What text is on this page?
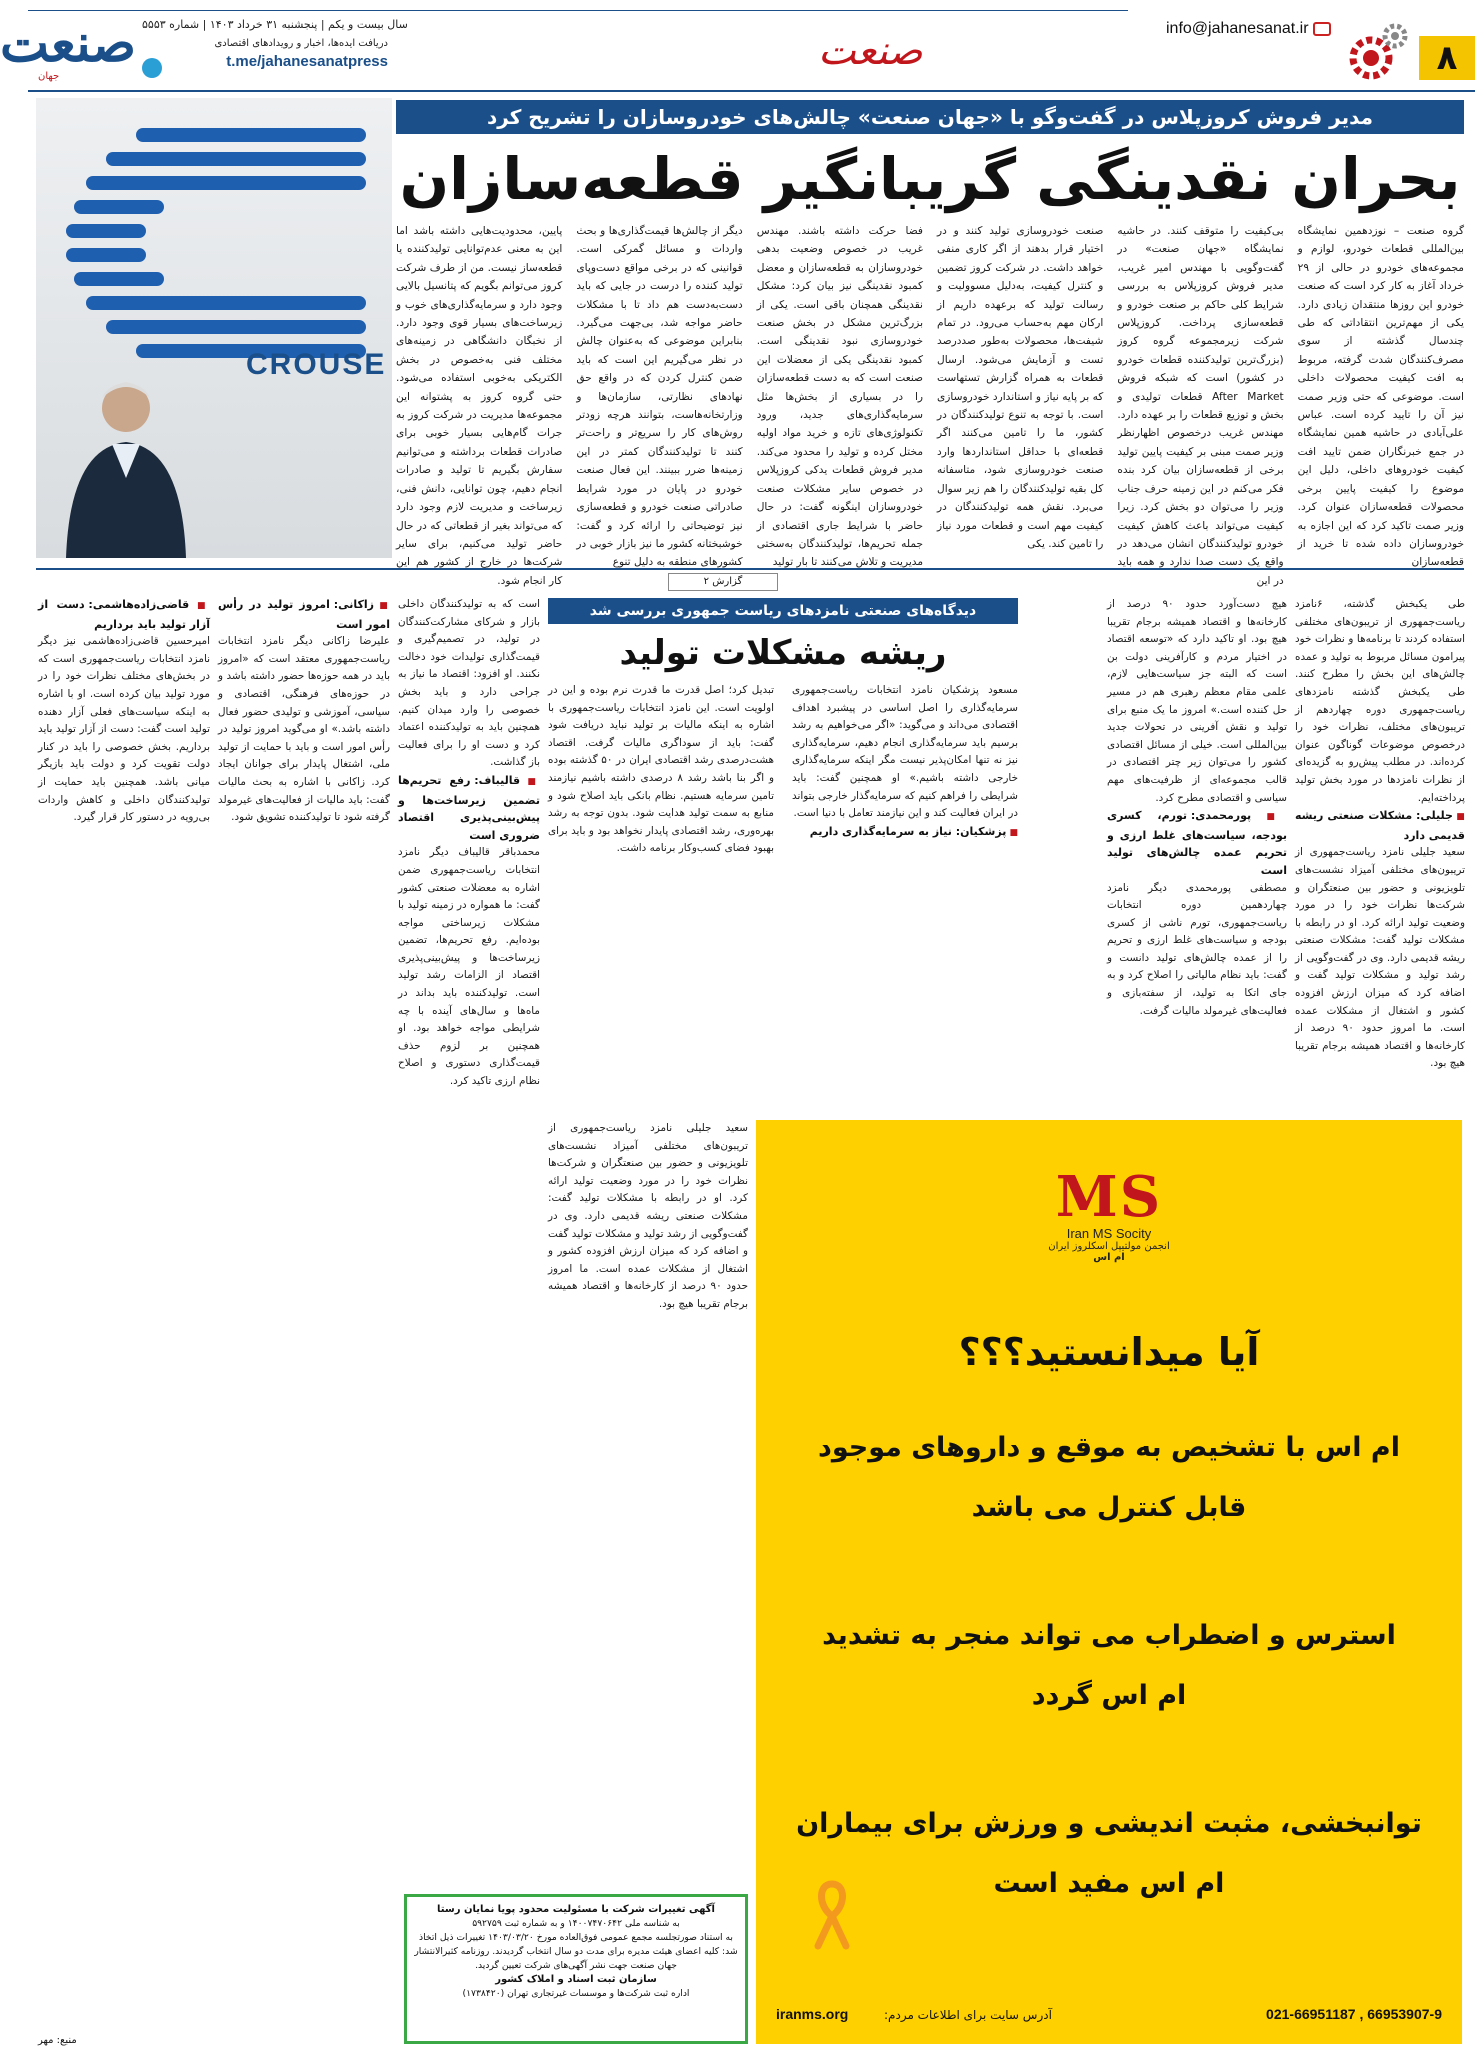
۸
info@jahanesanat.ir
صنعت
دریافت ایده‌ها، اخبار و رویدادهای اقتصادی
t.me/jahanesanatpress
سال بیست و یکم | پنجشنبه ۳۱ خرداد ۱۴۰۳ | شماره ۵۵۵۳
صنعت
جهان
مدیر فروش کروزپلاس در گفت‌وگو با «جهان صنعت» چالش‌های خودروسازان را تشریح کرد
بحران نقدینگی گریبانگیر قطعه‌سازان
CROUSE
گروه صنعت – نوزدهمین نمایشگاه بین‌المللی قطعات خودرو، لوازم و مجموعه‌های خودرو در حالی از ۲۹ خرداد آغاز به کار کرد است که صنعت خودرو این روزها منتقدان زیادی دارد. یکی از مهم‌ترین انتقاداتی که طی چندسال گذشته از سوی مصرف‌کنندگان شدت گرفته، مربوط به افت کیفیت محصولات داخلی است. موضوعی که حتی وزیر صمت نیز آن را تایید کرده است. عباس علی‌آبادی در حاشیه همین نمایشگاه در جمع خبرنگاران ضمن تایید افت کیفیت خودروهای داخلی، دلیل این موضوع را کیفیت پایین برخی محصولات قطعه‌سازان عنوان کرد. وزیر صمت تاکید کرد که این اجازه به خودروسازان داده شده تا خرید از قطعه‌سازان
بی‌کیفیت را متوقف کنند. در حاشیه نمایشگاه «جهان صنعت» در گفت‌وگویی با مهندس امیر غریب، مدیر فروش کروزپلاس به بررسی شرایط کلی حاکم بر صنعت خودرو و قطعه‌سازی پرداخت. کروزپلاس شرکت زیرمجموعه گروه کروز (بزرگ‌ترین تولیدکننده قطعات خودرو در کشور) است که شبکه فروش After Market قطعات تولیدی و بخش و توزیع قطعات را بر عهده دارد. مهندس غریب درخصوص اظهارنظر وزیر صمت مبنی بر کیفیت پایین تولید برخی از قطعه‌سازان بیان کرد بنده فکر می‌کنم در این زمینه حرف جناب وزیر را می‌توان دو بخش کرد. زیرا کیفیت می‌تواند باعث کاهش کیفیت خودرو تولیدکنندگان انشان می‌دهد در واقع یک دست صدا ندارد و همه باید در این
صنعت خودروسازی تولید کنند و در اختیار قرار بدهند از اگر کاری منفی خواهد داشت. در شرکت کروز تضمین و کنترل کیفیت، به‌دلیل مسوولیت و رسالت تولید که برعهده داریم از ارکان مهم به‌حساب می‌رود. در تمام شیفت‌ها، محصولات به‌طور صددرصد تست و آزمایش می‌شود. ارسال قطعات به همراه گزارش تستهاست که بر پایه نیاز و استاندارد خودروسازی است. با توجه به تنوع تولیدکنندگان در کشور، ما را تامین می‌کنند اگر قطعه‌ای با حداقل استانداردها وارد صنعت خودروسازی شود، متاسفانه کل بقیه تولیدکنندگان را هم زیر سوال می‌برد. نقش همه تولیدکنندگان در کیفیت مهم است و قطعات مورد نیاز را تامین کند. یکی
فضا حرکت داشته باشند. مهندس غریب در خصوص وضعیت بدهی خودروسازان به قطعه‌سازان و معضل کمبود نقدینگی نیز بیان کرد: مشکل نقدینگی همچنان باقی است. یکی از بزرگ‌ترین مشکل در بخش صنعت خودروسازی نبود نقدینگی است. کمبود نقدینگی یکی از معضلات این صنعت است که به دست قطعه‌سازان را در بسیاری از بخش‌ها مثل سرمایه‌گذاری‌های جدید، ورود تکنولوژی‌های تازه و خرید مواد اولیه مختل کرده و تولید را محدود می‌کند. مدیر فروش قطعات یدکی کروزپلاس در خصوص سایر مشکلات صنعت خودروسازان اینگونه گفت: در حال حاضر با شرایط جاری اقتصادی از جمله تحریم‌ها، تولیدکنندگان به‌سختی مدیریت و تلاش می‌کنند تا بار تولید
دیگر از چالش‌ها قیمت‌گذاری‌ها و بحث واردات و مسائل گمرکی است. قوانینی که در برخی مواقع دست‌وپای تولید کننده را درست در جایی که باید دست‌به‌دست هم داد تا با مشکلات حاضر مواجه شد، بی‌جهت می‌گیرد. بنابراین موضوعی که به‌عنوان چالش در نظر می‌گیریم این است که باید ضمن کنترل کردن که در واقع حق نهادهای نظارتی، سازمان‌ها و وزارتخانه‌هاست، بتوانند هرچه زودتر روش‌های کار را سریع‌تر و راحت‌تر کنند تا تولیدکنندگان کمتر در این زمینه‌ها ضرر ببینند. این فعال صنعت خودرو در پایان در مورد شرایط صادراتی صنعت خودرو و قطعه‌سازی نیز توضیحاتی را ارائه کرد و گفت: خوشبختانه کشور ما نیز بازار خوبی در کشورهای منطقه به دلیل تنوع
پایین، محدودیت‌هایی داشته باشد اما این به معنی عدم‌توانایی تولیدکننده یا قطعه‌ساز نیست. من از طرف شرکت کروز می‌توانم بگویم که پتانسیل بالایی وجود دارد و سرمایه‌گذاری‌های خوب و زیرساخت‌های بسیار قوی وجود دارد. از نخبگان دانشگاهی در زمینه‌های مختلف فنی به‌خصوص در بخش الکتریکی به‌خوبی استفاده می‌شود. حتی گروه کروز به پشتوانه این مجموعه‌ها مدیریت در شرکت کروز به جرات گام‌هایی بسیار خوبی برای صادرات قطعات برداشته و می‌توانیم سفارش بگیریم تا تولید و صادرات انجام دهیم، چون توانایی، دانش فنی، زیرساخت و مدیریت لازم وجود دارد که می‌تواند بغیر از قطعاتی که در حال حاضر تولید می‌کنیم، برای سایر شرکت‌ها در خارج از کشور هم این کار انجام شود.	گزارش ۲
دیدگاه‌های صنعتی نامزدهای ریاست جمهوری بررسی شد
ریشه مشکلات تولید

طی یکبخش گذشته، ۶نامزد ریاست‌جمهوری از تریبون‌های مختلفی استفاده کردند تا برنامه‌ها و نظرات خود پیرامون مسائل مربوط به تولید و عمده چالش‌های این بخش را مطرح کنند. طی یکبخش گذشته نامزدهای ریاست‌جمهوری دوره چهاردهم از تریبون‌های مختلف، نظرات خود را درخصوص موضوعات گوناگون عنوان کرده‌اند. در مطلب پیش‌رو به گزیده‌ای از نظرات نامزدها در مورد بخش تولید پرداخته‌ایم.

■ جلیلی: مشکلات صنعتی ریشه قدیمی دارد

سعید جلیلی نامزد ریاست‌جمهوری از تریبون‌های مختلفی آمیزاد نشست‌های تلویزیونی و حضور بین صنعتگران و شرکت‌ها نظرات خود را در مورد وضعیت تولید ارائه کرد. او در رابطه با مشکلات تولید گفت: مشکلات صنعتی ریشه قدیمی دارد. وی در گفت‌وگویی از رشد تولید و مشکلات تولید گفت و اضافه کرد که میزان ارزش افزوده کشور و اشتغال از مشکلات عمده است. ما امروز حدود ۹۰ درصد از کارخانه‌ها و اقتصاد همیشه برجام تقریبا هیچ بود.

هیچ دست‌آورد حدود ۹۰ درصد از کارخانه‌ها و اقتصاد همیشه برجام تقریبا هیچ بود. او تاکید دارد که «توسعه اقتصاد در اختیار مردم و کارآفرینی دولت بن است که البته جز سیاست‌هایی لازم، علمی مقام معظم رهبری هم در مسیر حل کننده است.» امروز ما یک منبع برای تولید و نقش آفرینی در تحولات جدید بین‌المللی است. خیلی از مسائل اقتصادی کشور را می‌توان زیر چتر اقتصادی در قالب مجموعه‌ای از ظرفیت‌های مهم سیاسی و اقتصادی مطرح کرد.

■ پورمحمدی: تورم، کسری بودجه، سیاست‌های غلط ارزی و تحریم عمده چالش‌های تولید است

مصطفی پورمحمدی دیگر نامزد چهاردهمین دوره انتخابات ریاست‌جمهوری، تورم ناشی از کسری بودجه و سیاست‌های غلط ارزی و تحریم را از عمده چالش‌های تولید دانست و گفت: باید نظام مالیاتی را اصلاح کرد و به جای اتکا به تولید، از سفته‌بازی و فعالیت‌های غیرمولد مالیات گرفت.

تبدیل کرد؛ اصل قدرت ما قدرت نرم بوده و این در اولویت است. این نامزد انتخابات ریاست‌جمهوری با اشاره به اینکه مالیات بر تولید نباید دریافت شود گفت: باید از سوداگری مالیات گرفت. اقتصاد هشت‌درصدی رشد اقتصادی ایران در ۵۰ گذشته بوده و اگر بنا باشد رشد ۸ درصدی داشته باشیم نیازمند تامین سرمایه هستیم. نظام بانکی باید اصلاح شود و منابع به سمت تولید هدایت شود. بدون توجه به رشد بهره‌وری، رشد اقتصادی پایدار نخواهد بود و باید برای بهبود فضای کسب‌وکار برنامه داشت.

مسعود پزشکیان نامزد انتخابات ریاست‌جمهوری سرمایه‌گذاری را اصل اساسی در پیشبرد اهداف اقتصادی می‌داند و می‌گوید: «اگر می‌خواهیم به رشد برسیم باید سرمایه‌گذاری انجام دهیم، سرمایه‌گذاری نیز نه تنها امکان‌پذیر نیست مگر اینکه سرمایه‌گذاری خارجی داشته باشیم.» او همچنین گفت: باید شرایطی را فراهم کنیم که سرمایه‌گذار خارجی بتواند در ایران فعالیت کند و این نیازمند تعامل با دنیا است.

■ پزشکیان: نیاز به سرمایه‌گذاری داریم

است که به تولیدکنندگان داخلی بازار و شرکای مشارکت‌کنندگان در تولید، در تصمیم‌گیری و قیمت‌گذاری تولیدات خود دخالت نکنند. او افزود: اقتصاد ما نیاز به جراحی دارد و باید بخش خصوصی را وارد میدان کنیم. همچنین باید به تولیدکننده اعتماد کرد و دست او را برای فعالیت باز گذاشت.

■ قالیباف: رفع تحریم‌ها تضمین زیرساخت‌ها و پیش‌بینی‌پذیری اقتصاد ضروری است

محمدباقر قالیباف دیگر نامزد انتخابات ریاست‌جمهوری ضمن اشاره به معضلات صنعتی کشور گفت: ما همواره در زمینه تولید با مشکلات زیرساختی مواجه بوده‌ایم. رفع تحریم‌ها، تضمین زیرساخت‌ها و پیش‌بینی‌پذیری اقتصاد از الزامات رشد تولید است. تولیدکننده باید بداند در ماه‌ها و سال‌های آینده با چه شرایطی مواجه خواهد بود. او همچنین بر لزوم حذف قیمت‌گذاری دستوری و اصلاح نظام ارزی تاکید کرد.

■ زاکانی: امروز تولید در رأس امور است

علیرضا زاکانی دیگر نامزد انتخابات ریاست‌جمهوری معتقد است که «امروز باید در همه حوزه‌ها حضور داشته باشد و در حوزه‌های فرهنگی، اقتصادی و سیاسی، آموزشی و تولیدی حضور فعال داشته باشد.» او می‌گوید امروز تولید در رأس امور است و باید با حمایت از تولید ملی، اشتغال پایدار برای جوانان ایجاد کرد. زاکانی با اشاره به بحث مالیات گفت: باید مالیات از فعالیت‌های غیرمولد گرفته شود تا تولیدکننده تشویق شود.

■ قاضی‌زاده‌هاشمی: دست از آزار تولید باید برداریم

امیرحسین قاضی‌زاده‌هاشمی نیز دیگر نامزد انتخابات ریاست‌جمهوری است که در بخش‌های مختلف نظرات خود را در مورد تولید بیان کرده است. او با اشاره به اینکه سیاست‌های فعلی آزار دهنده تولید است گفت: دست از آزار تولید باید برداریم. بخش خصوصی را باید در کنار دولت تقویت کرد و دولت باید بازیگر میانی باشد. همچنین باید حمایت از تولیدکنندگان داخلی و کاهش واردات بی‌رویه در دستور کار قرار گیرد.

سعید جلیلی نامزد ریاست‌جمهوری از تریبون‌های مختلفی آمیزاد نشست‌های تلویزیونی و حضور بین صنعتگران و شرکت‌ها نظرات خود را در مورد وضعیت تولید ارائه کرد. او در رابطه با مشکلات تولید گفت: مشکلات صنعتی ریشه قدیمی دارد. وی در گفت‌وگویی از رشد تولید و مشکلات تولید گفت و اضافه کرد که میزان ارزش افزوده کشور و اشتغال از مشکلات عمده است. ما امروز حدود ۹۰ درصد از کارخانه‌ها و اقتصاد همیشه برجام تقریبا هیچ بود.

MS
Iran MS Socity
انجمن مولتیپل اسکلروز ایران
ام اس
آیا میدانستید؟؟؟
ام اس با تشخیص به موقع و داروهای موجود
قابل کنترل می باشد
استرس و اضطراب می تواند منجر به تشدید
ام اس گردد
توانبخشی، مثبت اندیشی و ورزش برای بیماران
ام اس مفید است
iranms.org	آدرس سایت برای اطلاعات مردم:	021-66951187 , 66953907-9
آگهی تغییرات شرکت با مسئولیت محدود پویا نمایان رستا
به شناسه ملی ۱۴۰۰۷۴۷۰۶۴۲ و به شماره ثبت ۵۹۲۷۵۹
به استناد صورتجلسه مجمع عمومی فوق‌العاده مورخ ۱۴۰۳/۰۳/۲۰ تغییرات ذیل اتخاذ شد: کلیه اعضای هیئت مدیره برای مدت دو سال انتخاب گردیدند. روزنامه کثیرالانتشار جهان صنعت جهت نشر آگهی‌های شرکت تعیین گردید.
سازمان ثبت اسناد و املاک کشور
اداره ثبت شرکت‌ها و موسسات غیرتجاری تهران (۱۷۳۸۴۲۰)
منبع: مهر
